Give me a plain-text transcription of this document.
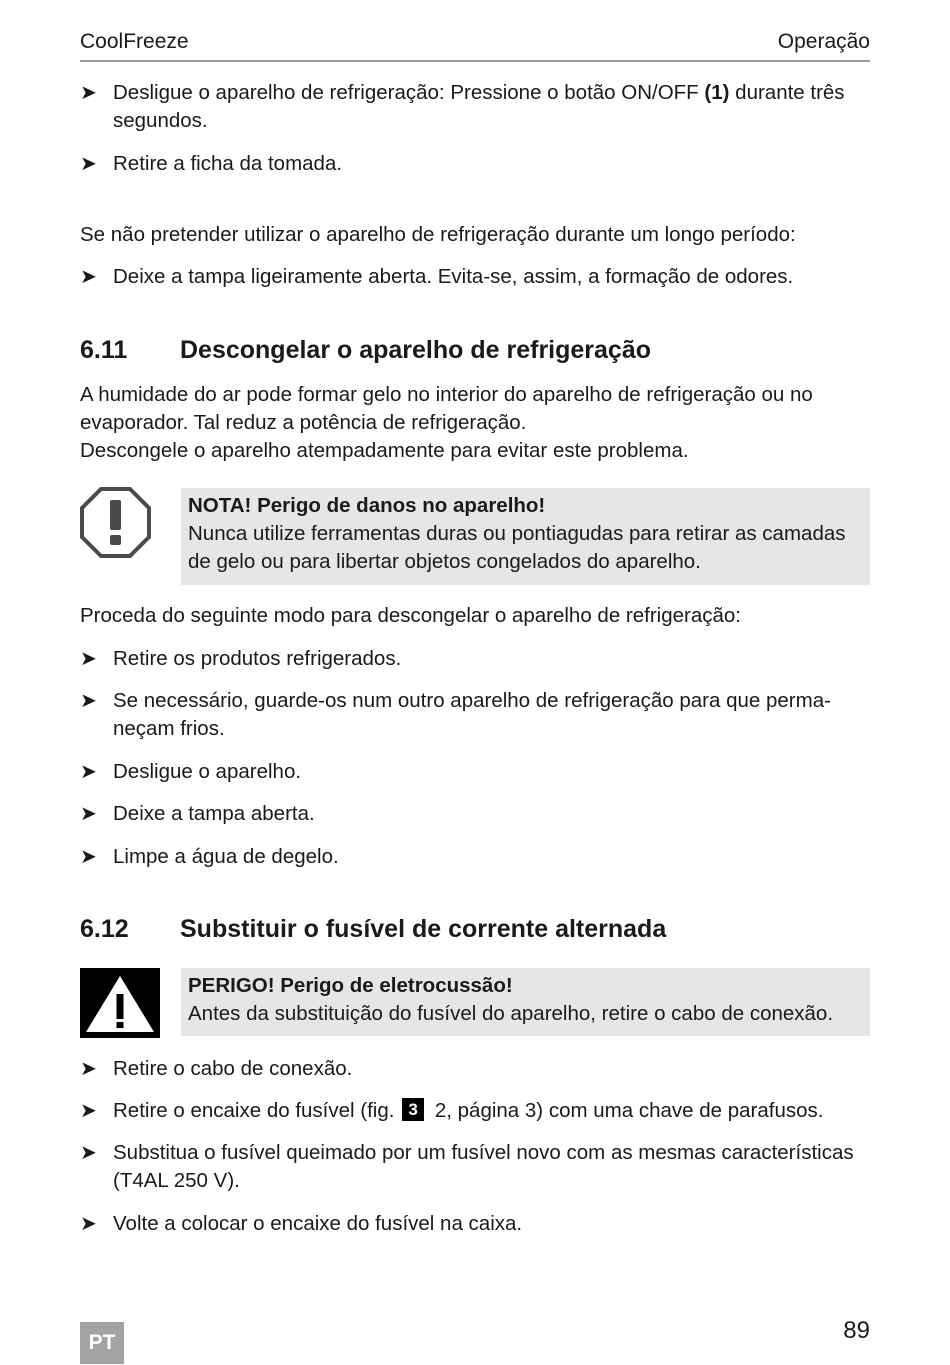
CoolFreeze	Operação
➤ Desligue o aparelho de refrigeração: Pressione o botão ON/OFF (1) durante três segundos.
➤ Retire a ficha da tomada.
Se não pretender utilizar o aparelho de refrigeração durante um longo período:
➤ Deixe a tampa ligeiramente aberta. Evita-se, assim, a formação de odores.
6.11 Descongelar o aparelho de refrigeração
A humidade do ar pode formar gelo no interior do aparelho de refrigeração ou no evaporador. Tal reduz a potência de refrigeração.
Descongele o aparelho atempadamente para evitar este problema.
NOTA! Perigo de danos no aparelho!
Nunca utilize ferramentas duras ou pontiagudas para retirar as camadas de gelo ou para libertar objetos congelados do aparelho.
Proceda do seguinte modo para descongelar o aparelho de refrigeração:
➤ Retire os produtos refrigerados.
➤ Se necessário, guarde-os num outro aparelho de refrigeração para que perma-neçam frios.
➤ Desligue o aparelho.
➤ Deixe a tampa aberta.
➤ Limpe a água de degelo.
6.12 Substituir o fusível de corrente alternada
PERIGO! Perigo de eletrocussão!
Antes da substituição do fusível do aparelho, retire o cabo de conexão.
➤ Retire o cabo de conexão.
➤ Retire o encaixe do fusível (fig. 3 2, página 3) com uma chave de parafusos.
➤ Substitua o fusível queimado por um fusível novo com as mesmas características (T4AL 250 V).
➤ Volte a colocar o encaixe do fusível na caixa.
PT	89
